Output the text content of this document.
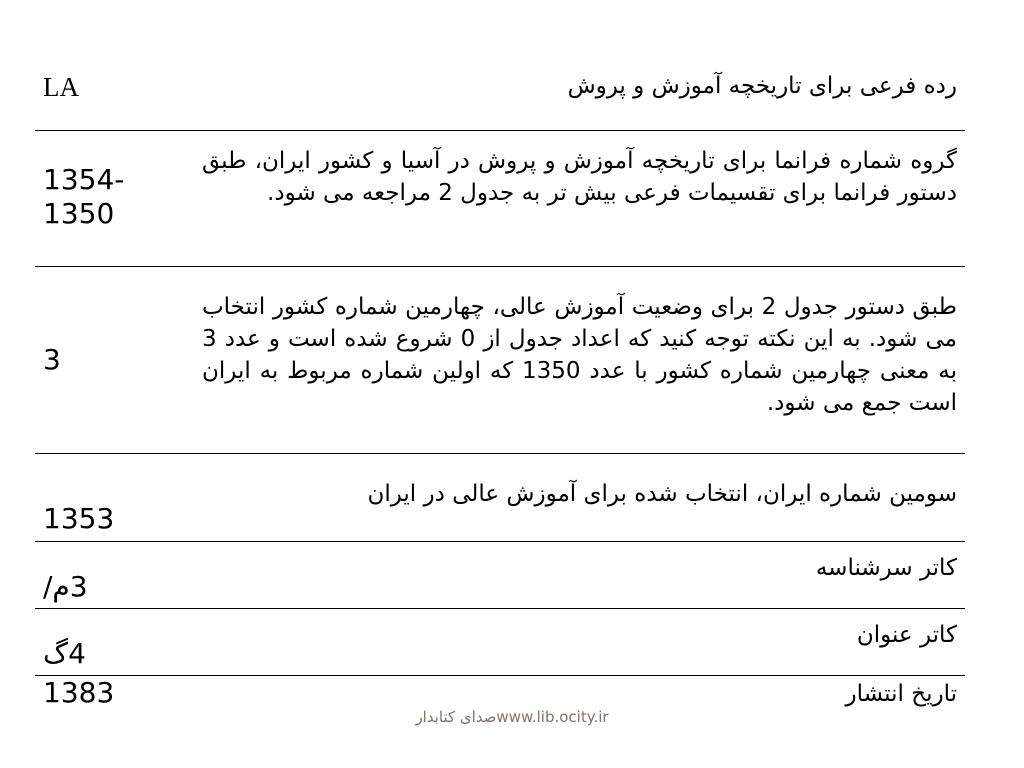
رده فرعی برای تاریخچه آموزش و پروش
LA
گروه شماره فرانما برای تاریخچه آموزش و پروش در آسیا و کشور ایران، طبق دستور فرانما برای تقسیمات فرعی بیش تر به جدول 2 مراجعه می شود.
1354-1350
طبق دستور جدول 2 برای وضعیت آموزش عالی، چهارمین شماره کشور انتخاب می شود. به این نکته توجه کنید که اعداد جدول از 0 شروع شده است و عدد 3 به معنی چهارمین شماره کشور با عدد 1350 که اولین شماره مربوط به ایران است جمع می شود.
3
سومین شماره ایران، انتخاب شده برای آموزش عالی در ایران
1353
کاتر سرشناسه
3م/
کاتر عنوان
4گ
تاریخ انتشار
1383
صدای کتابدارwww.lib.ocity.ir
